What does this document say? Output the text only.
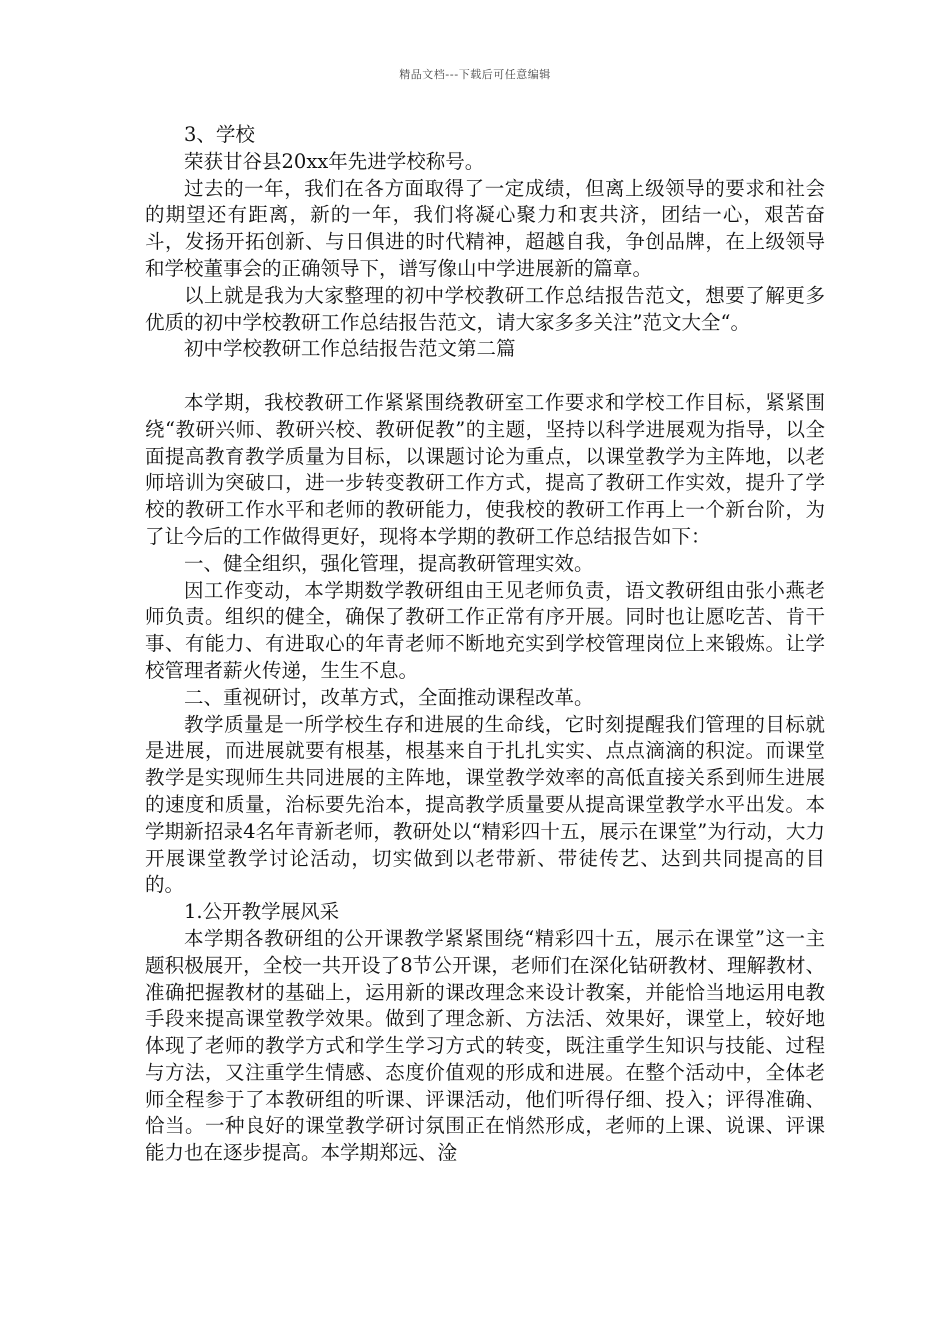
精品文档---下载后可任意编辑

3、学校

荣获甘谷县20xx年先进学校称号。

过去的一年，我们在各方面取得了一定成绩，但离上级领导的要求和社会的期望还有距离，新的一年，我们将凝心聚力和衷共济，团结一心，艰苦奋斗，发扬开拓创新、与日俱进的时代精神，超越自我，争创品牌，在上级领导和学校董事会的正确领导下，谱写像山中学进展新的篇章。

以上就是我为大家整理的初中学校教研工作总结报告范文，想要了解更多优质的初中学校教研工作总结报告范文，请大家多多关注”范文大全“。

初中学校教研工作总结报告范文第二篇

本学期，我校教研工作紧紧围绕教研室工作要求和学校工作目标，紧紧围绕“教研兴师、教研兴校、教研促教”的主题，坚持以科学进展观为指导，以全面提高教育教学质量为目标，以课题讨论为重点，以课堂教学为主阵地，以老师培训为突破口，进一步转变教研工作方式，提高了教研工作实效，提升了学校的教研工作水平和老师的教研能力，使我校的教研工作再上一个新台阶，为了让今后的工作做得更好，现将本学期的教研工作总结报告如下：

一、健全组织，强化管理，提高教研管理实效。

因工作变动，本学期数学教研组由王见老师负责，语文教研组由张小燕老师负责。组织的健全，确保了教研工作正常有序开展。同时也让愿吃苦、肯干事、有能力、有进取心的年青老师不断地充实到学校管理岗位上来锻炼。让学校管理者薪火传递，生生不息。

二、重视研讨，改革方式，全面推动课程改革。

教学质量是一所学校生存和进展的生命线，它时刻提醒我们管理的目标就是进展，而进展就要有根基，根基来自于扎扎实实、点点滴滴的积淀。而课堂教学是实现师生共同进展的主阵地，课堂教学效率的高低直接关系到师生进展的速度和质量，治标要先治本，提高教学质量要从提高课堂教学水平出发。本学期新招录4名年青新老师，教研处以“精彩四十五，展示在课堂”为行动，大力开展课堂教学讨论活动，切实做到以老带新、带徒传艺、达到共同提高的目的。

1.公开教学展风采

本学期各教研组的公开课教学紧紧围绕“精彩四十五，展示在课堂”这一主题积极展开，全校一共开设了8节公开课，老师们在深化钻研教材、理解教材、准确把握教材的基础上，运用新的课改理念来设计教案，并能恰当地运用电教手段来提高课堂教学效果。做到了理念新、方法活、效果好，课堂上，较好地体现了老师的教学方式和学生学习方式的转变，既注重学生知识与技能、过程与方法，又注重学生情感、态度价值观的形成和进展。在整个活动中，全体老师全程参于了本教研组的听课、评课活动，他们听得仔细、投入；评得准确、恰当。一种良好的课堂教学研讨氛围正在悄然形成，老师的上课、说课、评课能力也在逐步提高。本学期郑远、淦
